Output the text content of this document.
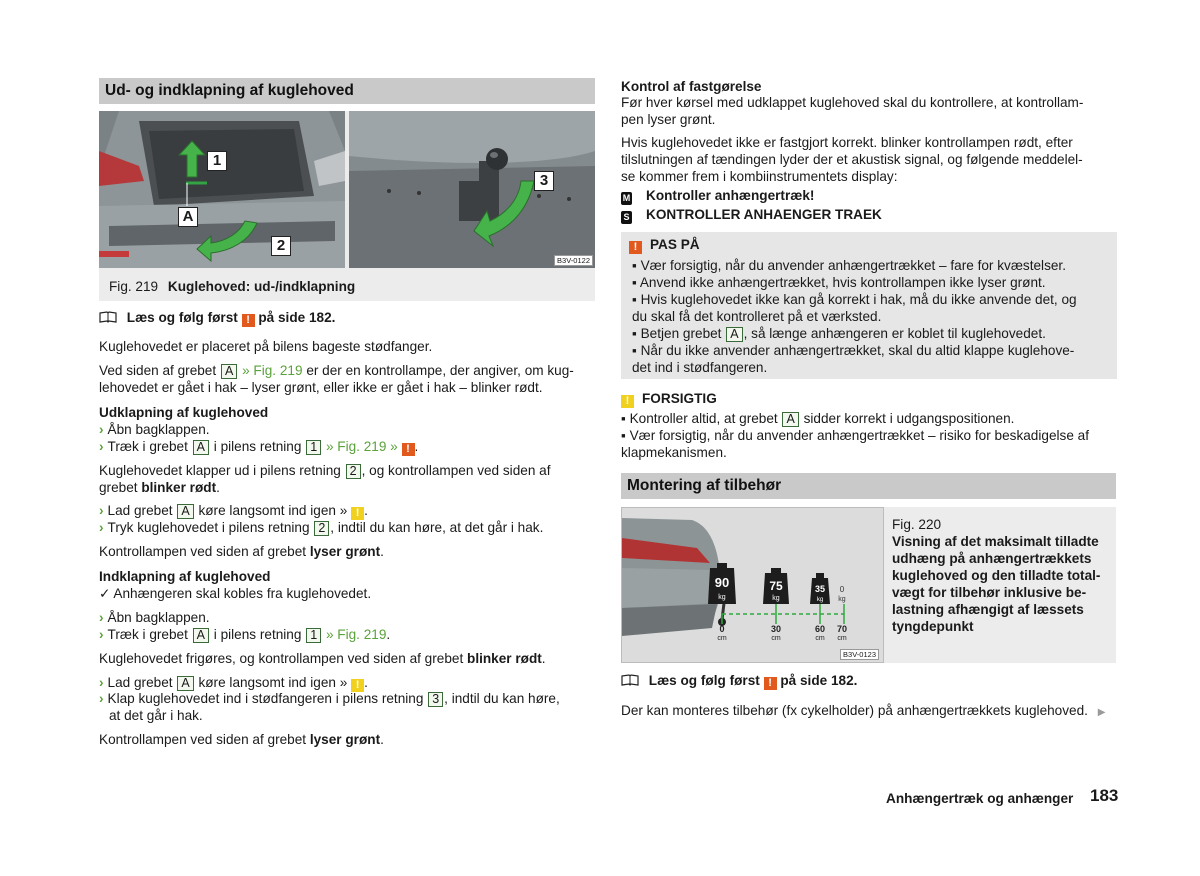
Ud- og indklapning af kuglehoved
1
A
2
3
B3V-0122
Fig. 219 Kuglehoved: ud-/indklapning
Læs og følg først ! på side 182.

Kuglehovedet er placeret på bilens bageste stødfanger.

Ved siden af grebet A » Fig. 219 er der en kontrollampe, der angiver, om kug-
lehovedet er gået i hak – lyser grønt, eller ikke er gået i hak – blinker rødt.
Udklapning af kuglehoved
› Åbn bagklappen.
› Træk i grebet A i pilens retning 1 » Fig. 219 » ! .
Kuglehovedet klapper ud i pilens retning 2 , og kontrollampen ved siden af
grebet blinker rødt.
› Lad grebet A køre langsomt ind igen » ! .
› Tryk kuglehovedet i pilens retning 2 , indtil du kan høre, at det går i hak.
Kontrollampen ved siden af grebet lyser grønt.
Indklapning af kuglehoved
✓ Anhængeren skal kobles fra kuglehovedet.
› Åbn bagklappen.
› Træk i grebet A i pilens retning 1 » Fig. 219.
Kuglehovedet frigøres, og kontrollampen ved siden af grebet blinker rødt.
› Lad grebet A køre langsomt ind igen » ! .
› Klap kuglehovedet ind i stødfangeren i pilens retning 3 , indtil du kan høre,
at det går i hak.
Kontrollampen ved siden af grebet lyser grønt.
Kontrol af fastgørelse
Før hver kørsel med udklappet kuglehoved skal du kontrollere, at kontrollam-
pen lyser grønt.
Hvis kuglehovedet ikke er fastgjort korrekt. blinker kontrollampen rødt, efter
tilslutningen af tændingen lyder der et akustisk signal, og følgende meddelel-
se kommer frem i kombiinstrumentets display:
M Kontroller anhængertræk!
S KONTROLLER ANHAENGER TRAEK
! PAS PÅ
▪ Vær forsigtig, når du anvender anhængertrækket – fare for kvæstelser.
▪ Anvend ikke anhængertrækket, hvis kontrollampen ikke lyser grønt.
▪ Hvis kuglehovedet ikke kan gå korrekt i hak, må du ikke anvende det, og
du skal få det kontrolleret på et værksted.
▪ Betjen grebet A , så længe anhængeren er koblet til kuglehovedet.
▪ Når du ikke anvender anhængertrækket, skal du altid klappe kuglehove-
det ind i stødfangeren.
! FORSIGTIG
▪ Kontroller altid, at grebet A sidder korrekt i udgangspositionen.
▪ Vær forsigtig, når du anvender anhængertrækket – risiko for beskadigelse af
klapmekanismen.
Montering af tilbehør
90
kg
75
kg
35
kg
0
kg
0
cm
30
cm
60
cm
70
cm
B3V-0123
Fig. 220
Visning af det maksimalt tilladte
udhæng på anhængertrækkets
kuglehoved og den tilladte total-
vægt for tilbehør inklusive be-
lastning afhængigt af læssets
tyngdepunkt
Læs og følg først ! på side 182.
Der kan monteres tilbehør (fx cykelholder) på anhængertrækkets kuglehoved. ▶
Anhængertræk og anhænger 183
